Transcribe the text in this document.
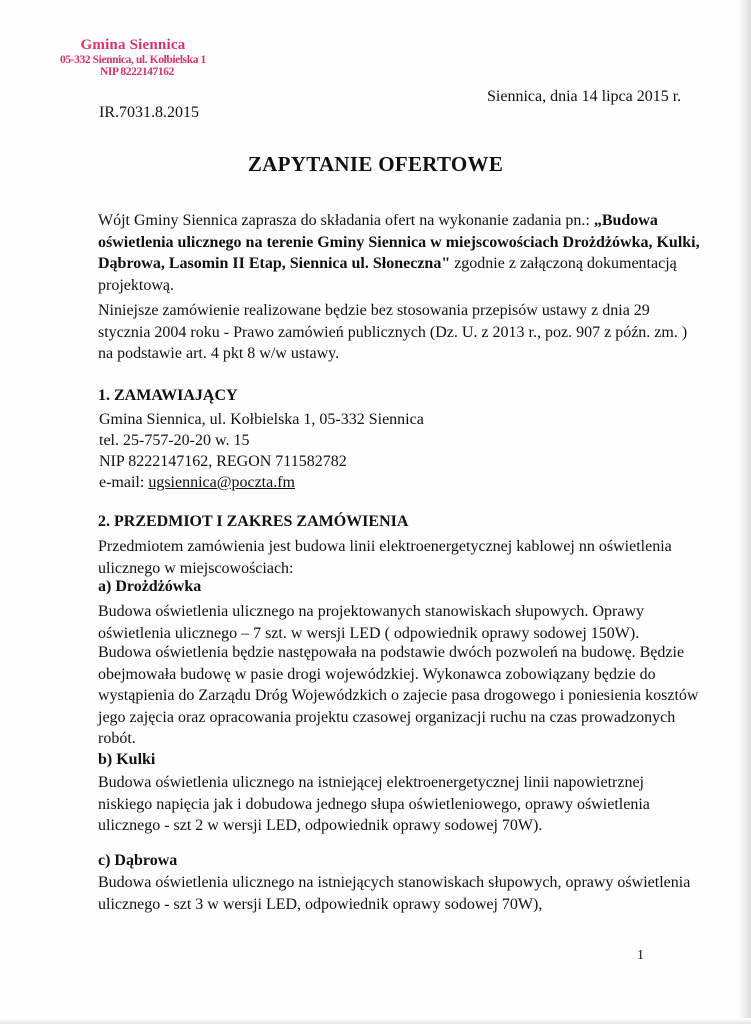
Gmina Siennica
05-332 Siennica, ul. Kołbielska 1
NIP 8222147162
Siennica, dnia 14 lipca 2015 r.
IR.7031.8.2015
ZAPYTANIE OFERTOWE
Wójt Gminy Siennica zaprasza do składania ofert na wykonanie zadania pn.: „Budowa
oświetlenia ulicznego na terenie Gminy Siennica w miejscowościach Drożdżówka, Kulki,
Dąbrowa, Lasomin II Etap, Siennica ul. Słoneczna" zgodnie z załączoną dokumentacją
projektową.
Niniejsze zamówienie realizowane będzie bez stosowania przepisów ustawy z dnia 29
stycznia 2004 roku - Prawo zamówień publicznych (Dz. U. z 2013 r., poz. 907 z późn. zm. )
na podstawie art. 4 pkt 8 w/w ustawy.
1. ZAMAWIAJĄCY
Gmina Siennica, ul. Kołbielska 1, 05-332 Siennica
tel. 25-757-20-20 w. 15
NIP 8222147162, REGON 711582782
e-mail: ugsiennica@poczta.fm
2. PRZEDMIOT I ZAKRES ZAMÓWIENIA
Przedmiotem zamówienia jest budowa linii elektroenergetycznej kablowej nn oświetlenia
ulicznego w miejscowościach:
a) Drożdżówka
Budowa oświetlenia ulicznego na projektowanych stanowiskach słupowych. Oprawy
oświetlenia ulicznego – 7 szt. w wersji LED ( odpowiednik oprawy sodowej 150W).
Budowa oświetlenia będzie następowała na podstawie dwóch pozwoleń na budowę. Będzie
obejmowała budowę w pasie drogi wojewódzkiej. Wykonawca zobowiązany będzie do
wystąpienia do Zarządu Dróg Wojewódzkich o zajecie pasa drogowego i poniesienia kosztów
jego zajęcia oraz opracowania projektu czasowej organizacji ruchu na czas prowadzonych
robót.
b) Kulki
Budowa oświetlenia ulicznego na istniejącej elektroenergetycznej linii napowietrznej
niskiego napięcia jak i dobudowa jednego słupa oświetleniowego, oprawy oświetlenia
ulicznego - szt 2 w wersji LED, odpowiednik oprawy sodowej 70W).
c) Dąbrowa
Budowa oświetlenia ulicznego na istniejących stanowiskach słupowych, oprawy oświetlenia
ulicznego - szt 3 w wersji LED, odpowiednik oprawy sodowej 70W),
1
